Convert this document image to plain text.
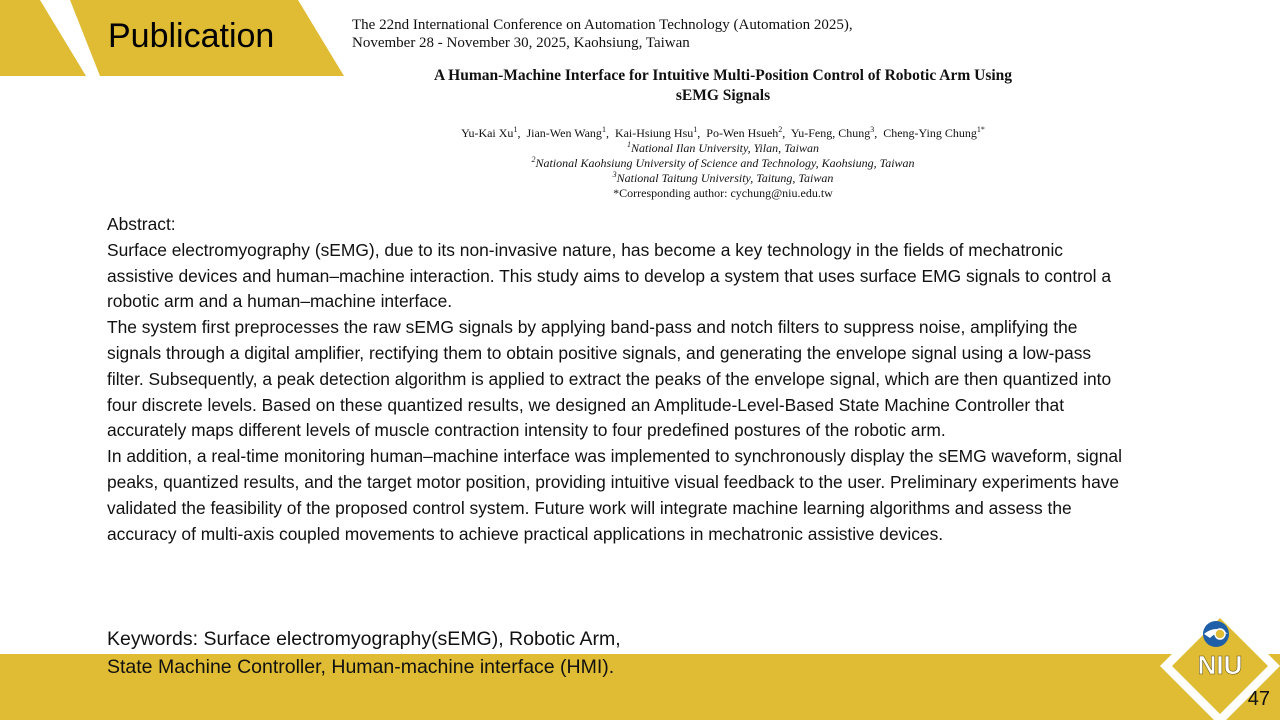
Publication	The 22nd International Conference on Automation Technology (Automation 2025),
November 28 - November 30, 2025, Kaohsiung, Taiwan
A Human-Machine Interface for Intuitive Multi-Position Control of Robotic Arm Using
sEMG Signals
Yu-Kai Xu$^1$,  Jian-Wen Wang$^1$,  Kai-Hsiung Hsu$^1$,  Po-Wen Hsueh$^2$,  Yu-Feng, Chung$^3$,  Cheng-Ying Chung$^{1*}$
$^1$National Ilan University, Yilan, Taiwan
$^2$National Kaohsiung University of Science and Technology, Kaohsiung, Taiwan
$^3$National Taitung University, Taitung, Taiwan
*Corresponding author: cychung@niu.edu.tw

Abstract:

Surface electromyography (sEMG), due to its non-invasive nature, has become a key technology in the fields of mechatronic assistive devices and human–machine interaction. This study aims to develop a system that uses surface EMG signals to control a robotic arm and a human–machine interface.

The system first preprocesses the raw sEMG signals by applying band-pass and notch filters to suppress noise, amplifying the signals through a digital amplifier, rectifying them to obtain positive signals, and generating the envelope signal using a low-pass filter. Subsequently, a peak detection algorithm is applied to extract the peaks of the envelope signal, which are then quantized into four discrete levels. Based on these quantized results, we designed an Amplitude-Level-Based State Machine Controller that accurately maps different levels of muscle contraction intensity to four predefined postures of the robotic arm.

In addition, a real-time monitoring human–machine interface was implemented to synchronously display the sEMG waveform, signal peaks, quantized results, and the target motor position, providing intuitive visual feedback to the user. Preliminary experiments have validated the feasibility of the proposed control system. Future work will integrate machine learning algorithms and assess the accuracy of multi-axis coupled movements to achieve practical applications in mechatronic assistive devices.

Keywords: Surface electromyography(sEMG), Robotic Arm,

State Machine Controller, Human-machine interface (HMI).	NIU
47
